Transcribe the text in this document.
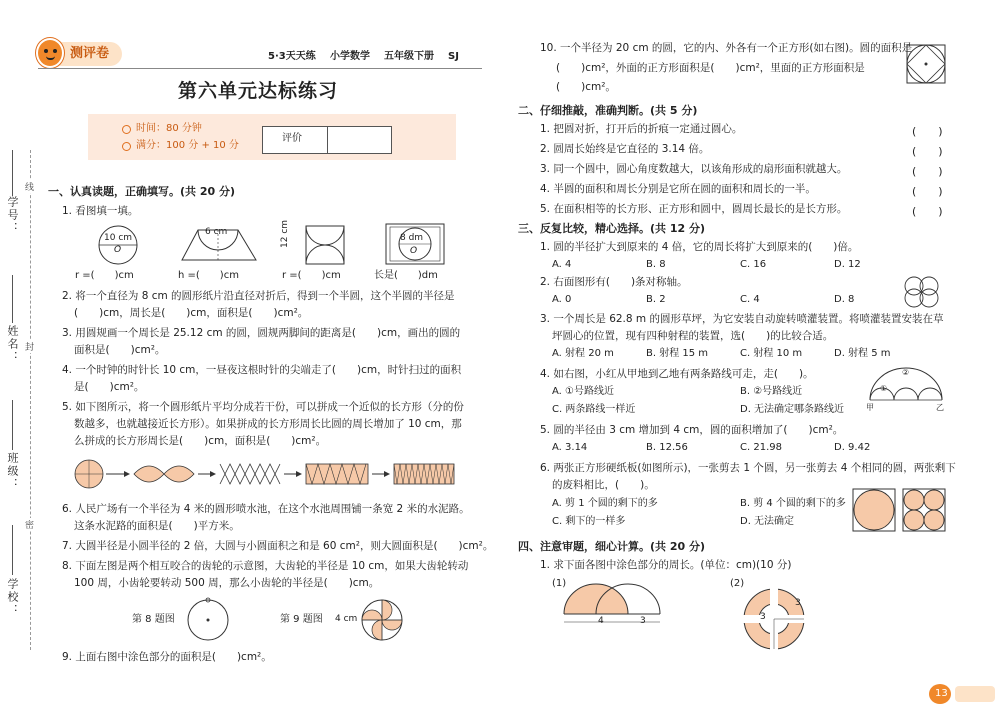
测评卷	5·3天天练 小学数学 五年级下册 SJ
第六单元达标练习
时间：80 分钟
满分：100 分 + 10 分
评价
学号：
姓名：
班级：
学校：
线
封
密
一、认真读题，正确填写。(共 20 分)
1. 看图填一填。
10 cm
O
r =(　　)cm
6 cm
h =(　　)cm
12 cm
r =(　　)cm
8 dm
O
长是(　　)dm
2. 将一个直径为 8 cm 的圆形纸片沿直径对折后，得到一个半圆，这个半圆的半径是
(　　)cm，周长是(　　)cm，面积是(　　)cm²。
3. 用圆规画一个周长是 25.12 cm 的圆，圆规两脚间的距离是(　　)cm，画出的圆的
面积是(　　)cm²。
4. 一个时钟的时针长 10 cm，一昼夜这根时针的尖端走了(　　)cm，时针扫过的面积
是(　　)cm²。
5. 如下图所示，将一个圆形纸片平均分成若干份，可以拼成一个近似的长方形（分的份
数越多，也就越接近长方形）。如果拼成的长方形周长比圆的周长增加了 10 cm，那
么拼成的长方形周长是(　　)cm，面积是(　　)cm²。
6. 人民广场有一个半径为 4 米的圆形喷水池，在这个水池周围铺一条宽 2 米的水泥路。
这条水泥路的面积是(　　)平方米。
7. 大圆半径是小圆半径的 2 倍，大圆与小圆面积之和是 60 cm²，则大圆面积是(　　)cm²。
8. 下面左图是两个相互咬合的齿轮的示意图，大齿轮的半径是 10 cm，如果大齿轮转动
100 周，小齿轮要转动 500 周，那么小齿轮的半径是(　　)cm。
第 8 题图	第 9 题图 4 cm
9. 上面右图中涂色部分的面积是(　　)cm²。
10. 一个半径为 20 cm 的圆，它的内、外各有一个正方形(如右图)。圆的面积是
(　　)cm²，外面的正方形面积是(　　)cm²，里面的正方形面积是
(　　)cm²。
二、仔细推敲，准确判断。(共 5 分)
1. 把圆对折，打开后的折痕一定通过圆心。	(　　)
2. 圆周长始终是它直径的 3.14 倍。	(　　)
3. 同一个圆中，圆心角度数越大，以该角形成的扇形面积就越大。	(　　)
4. 半圆的面积和周长分别是它所在圆的面积和周长的一半。	(　　)
5. 在面积相等的长方形、正方形和圆中，圆周长最长的是长方形。	(　　)
三、反复比较，精心选择。(共 12 分)
1. 圆的半径扩大到原来的 4 倍，它的周长将扩大到原来的(　　)倍。
A. 4	B. 8	C. 16	D. 12
2. 右面图形有(　　)条对称轴。
A. 0	B. 2	C. 4	D. 8
3. 一个周长是 62.8 m 的圆形草坪，为它安装自动旋转喷灌装置。将喷灌装置安装在草
坪圆心的位置，现有四种射程的装置，选(　　)的比较合适。
A. 射程 20 m	B. 射程 15 m	C. 射程 10 m	D. 射程 5 m
4. 如右图，小红从甲地到乙地有两条路线可走，走(　　)。
A. ①号路线近	B. ②号路线近
C. 两条路线一样近	D. 无法确定哪条路线近	甲	乙
①
②
5. 圆的半径由 3 cm 增加到 4 cm，圆的面积增加了(　　)cm²。
A. 3.14	B. 12.56	C. 21.98	D. 9.42
6. 两张正方形硬纸板(如图所示)，一张剪去 1 个圆，另一张剪去 4 个相同的圆，两张剩下
的废料相比，(　　)。
A. 剪 1 个圆的剩下的多	B. 剪 4 个圆的剩下的多
C. 剩下的一样多	D. 无法确定
四、注意审题，细心计算。(共 20 分)
1. 求下面各图中涂色部分的周长。(单位：cm)(10 分)
(1)
4	3
(2)
3
3
13
